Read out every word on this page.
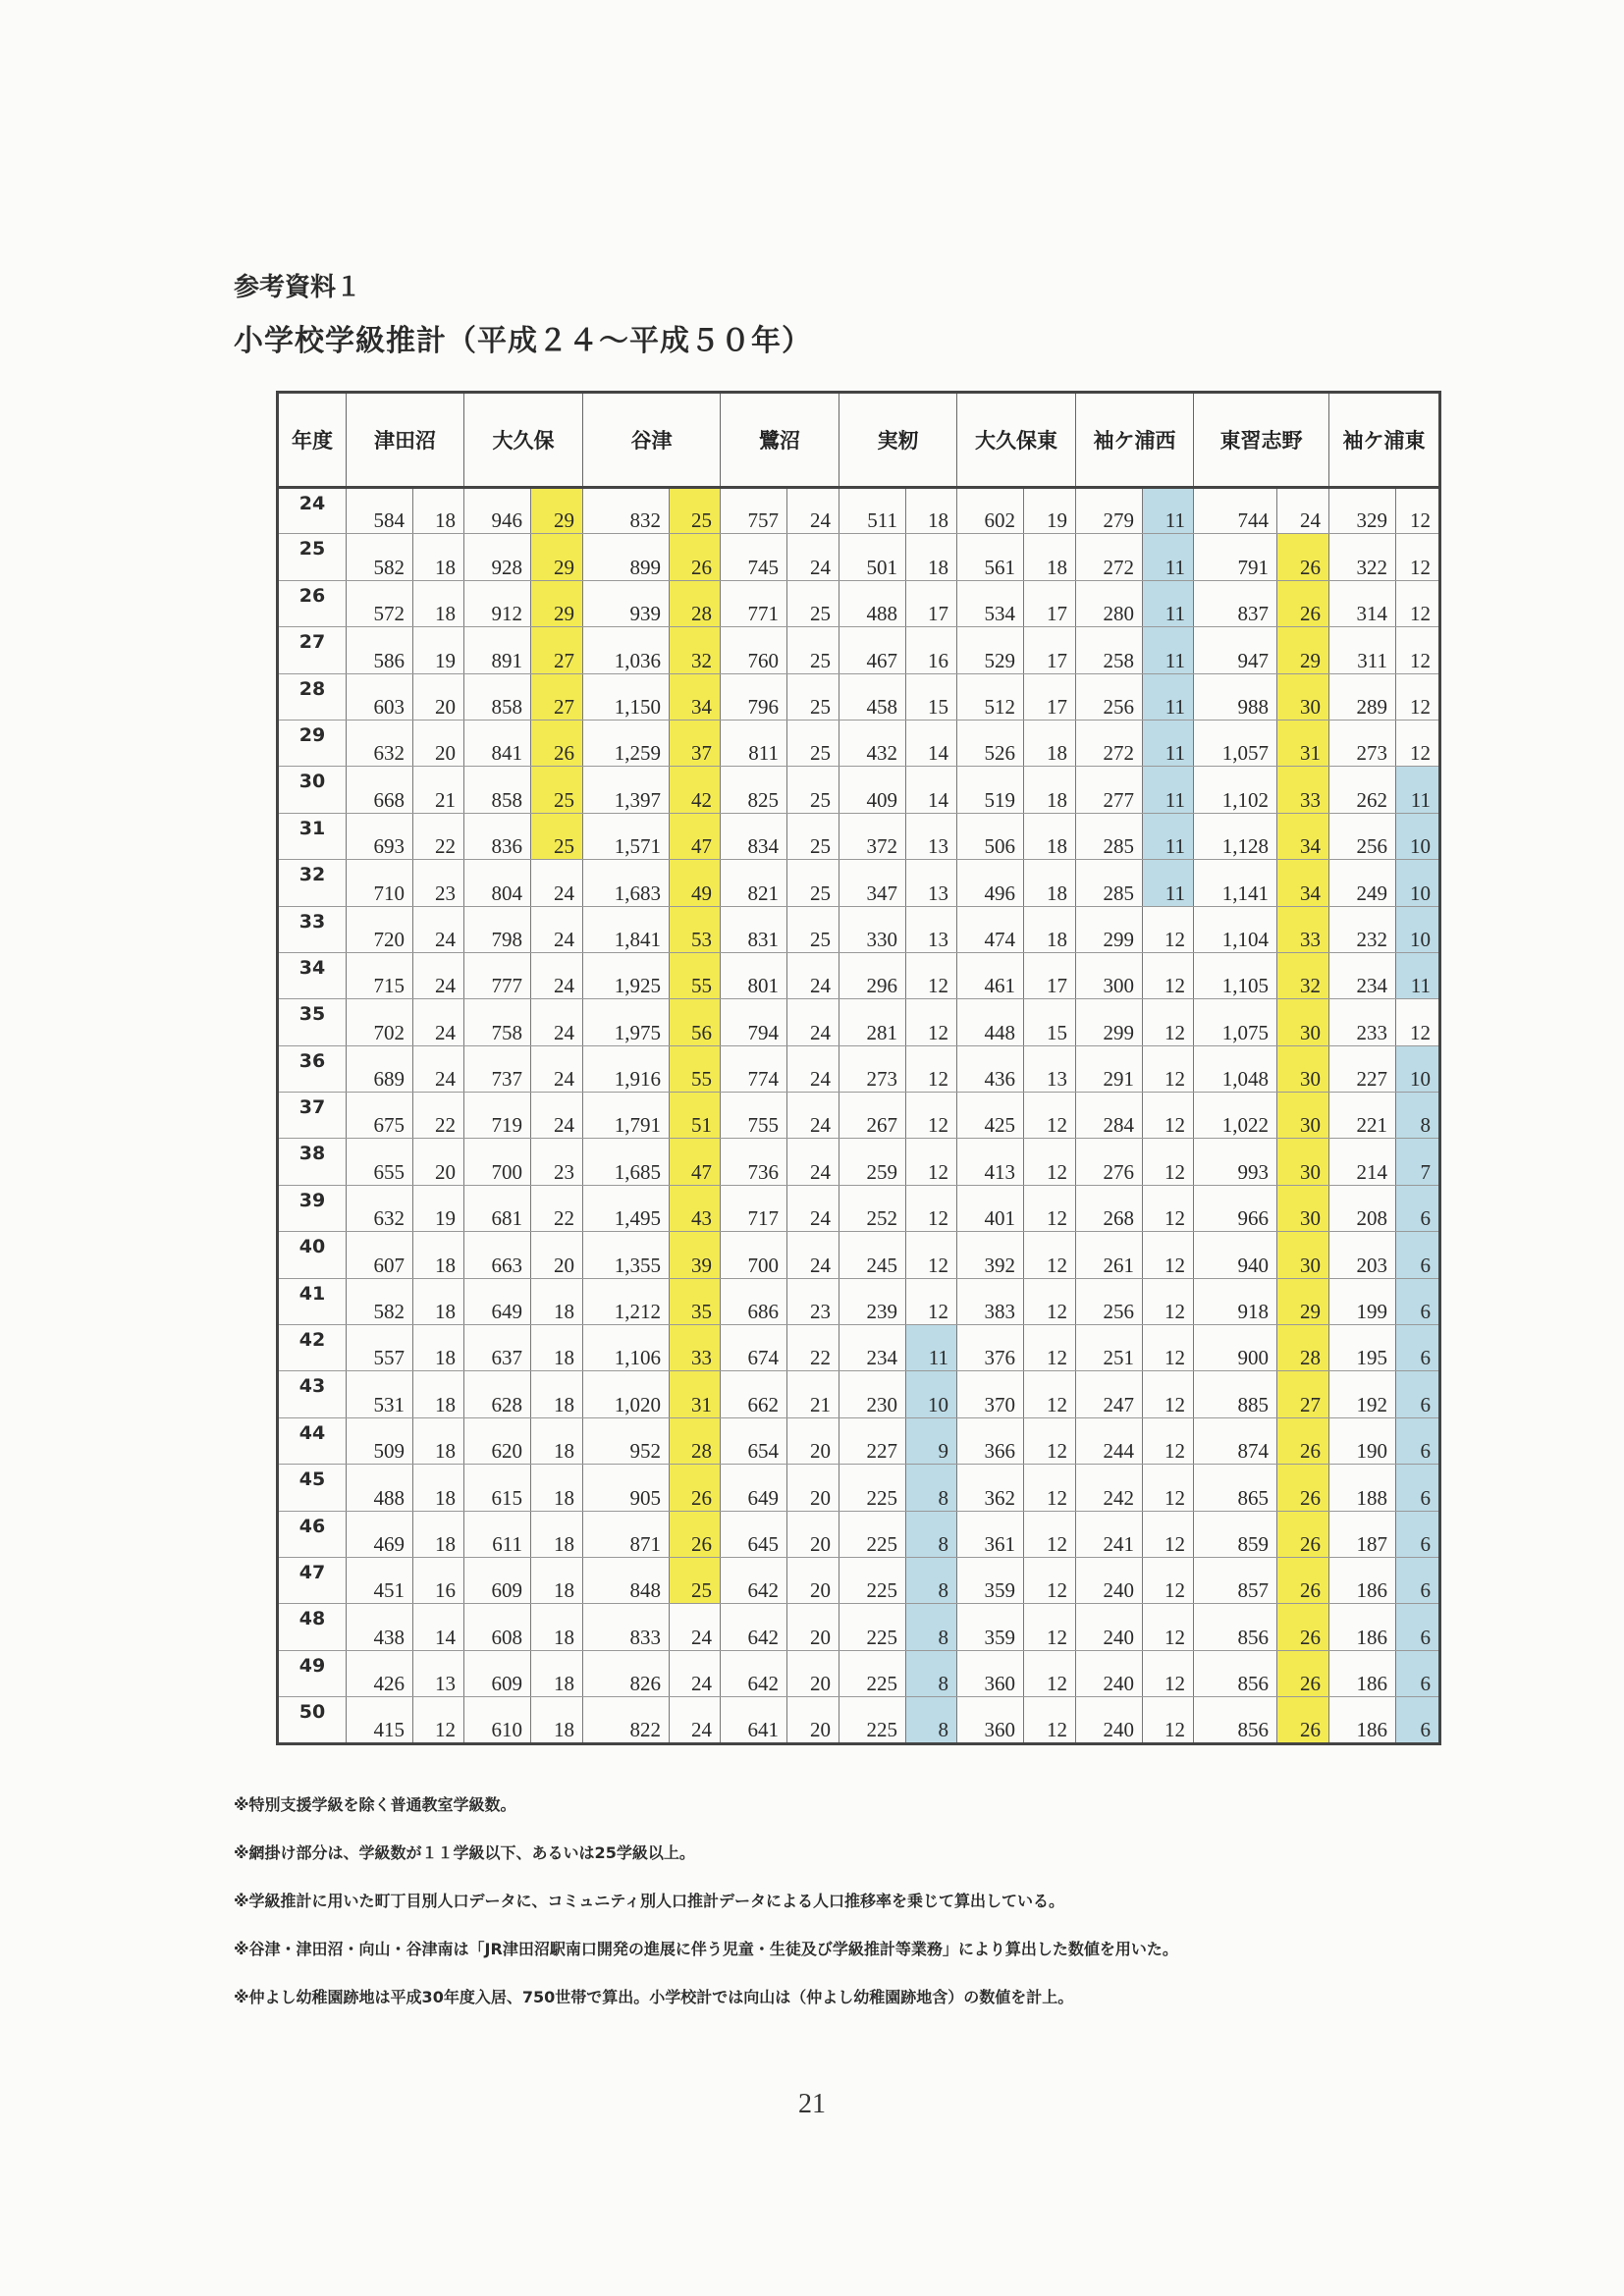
参考資料１
小学校学級推計（平成２４～平成５０年）
年度	津田沼		大久保		谷津		鷺沼		実籾		大久保東		袖ケ浦西		東習志野		袖ケ浦東	
24	584	18	946	29	832	25	757	24	511	18	602	19	279	11	744	24	329	12
25	582	18	928	29	899	26	745	24	501	18	561	18	272	11	791	26	322	12
26	572	18	912	29	939	28	771	25	488	17	534	17	280	11	837	26	314	12
27	586	19	891	27	1,036	32	760	25	467	16	529	17	258	11	947	29	311	12
28	603	20	858	27	1,150	34	796	25	458	15	512	17	256	11	988	30	289	12
29	632	20	841	26	1,259	37	811	25	432	14	526	18	272	11	1,057	31	273	12
30	668	21	858	25	1,397	42	825	25	409	14	519	18	277	11	1,102	33	262	11
31	693	22	836	25	1,571	47	834	25	372	13	506	18	285	11	1,128	34	256	10
32	710	23	804	24	1,683	49	821	25	347	13	496	18	285	11	1,141	34	249	10
33	720	24	798	24	1,841	53	831	25	330	13	474	18	299	12	1,104	33	232	10
34	715	24	777	24	1,925	55	801	24	296	12	461	17	300	12	1,105	32	234	11
35	702	24	758	24	1,975	56	794	24	281	12	448	15	299	12	1,075	30	233	12
36	689	24	737	24	1,916	55	774	24	273	12	436	13	291	12	1,048	30	227	10
37	675	22	719	24	1,791	51	755	24	267	12	425	12	284	12	1,022	30	221	8
38	655	20	700	23	1,685	47	736	24	259	12	413	12	276	12	993	30	214	7
39	632	19	681	22	1,495	43	717	24	252	12	401	12	268	12	966	30	208	6
40	607	18	663	20	1,355	39	700	24	245	12	392	12	261	12	940	30	203	6
41	582	18	649	18	1,212	35	686	23	239	12	383	12	256	12	918	29	199	6
42	557	18	637	18	1,106	33	674	22	234	11	376	12	251	12	900	28	195	6
43	531	18	628	18	1,020	31	662	21	230	10	370	12	247	12	885	27	192	6
44	509	18	620	18	952	28	654	20	227	9	366	12	244	12	874	26	190	6
45	488	18	615	18	905	26	649	20	225	8	362	12	242	12	865	26	188	6
46	469	18	611	18	871	26	645	20	225	8	361	12	241	12	859	26	187	6
47	451	16	609	18	848	25	642	20	225	8	359	12	240	12	857	26	186	6
48	438	14	608	18	833	24	642	20	225	8	359	12	240	12	856	26	186	6
49	426	13	609	18	826	24	642	20	225	8	360	12	240	12	856	26	186	6
50	415	12	610	18	822	24	641	20	225	8	360	12	240	12	856	26	186	6

※特別支援学級を除く普通教室学級数。

※網掛け部分は、学級数が１１学級以下、あるいは25学級以上。

※学級推計に用いた町丁目別人口データに、コミュニティ別人口推計データによる人口推移率を乗じて算出している。

※谷津・津田沼・向山・谷津南は「JR津田沼駅南口開発の進展に伴う児童・生徒及び学級推計等業務」により算出した数値を用いた。

※仲よし幼稚園跡地は平成30年度入居、750世帯で算出。小学校計では向山は（仲よし幼稚園跡地含）の数値を計上。

21
